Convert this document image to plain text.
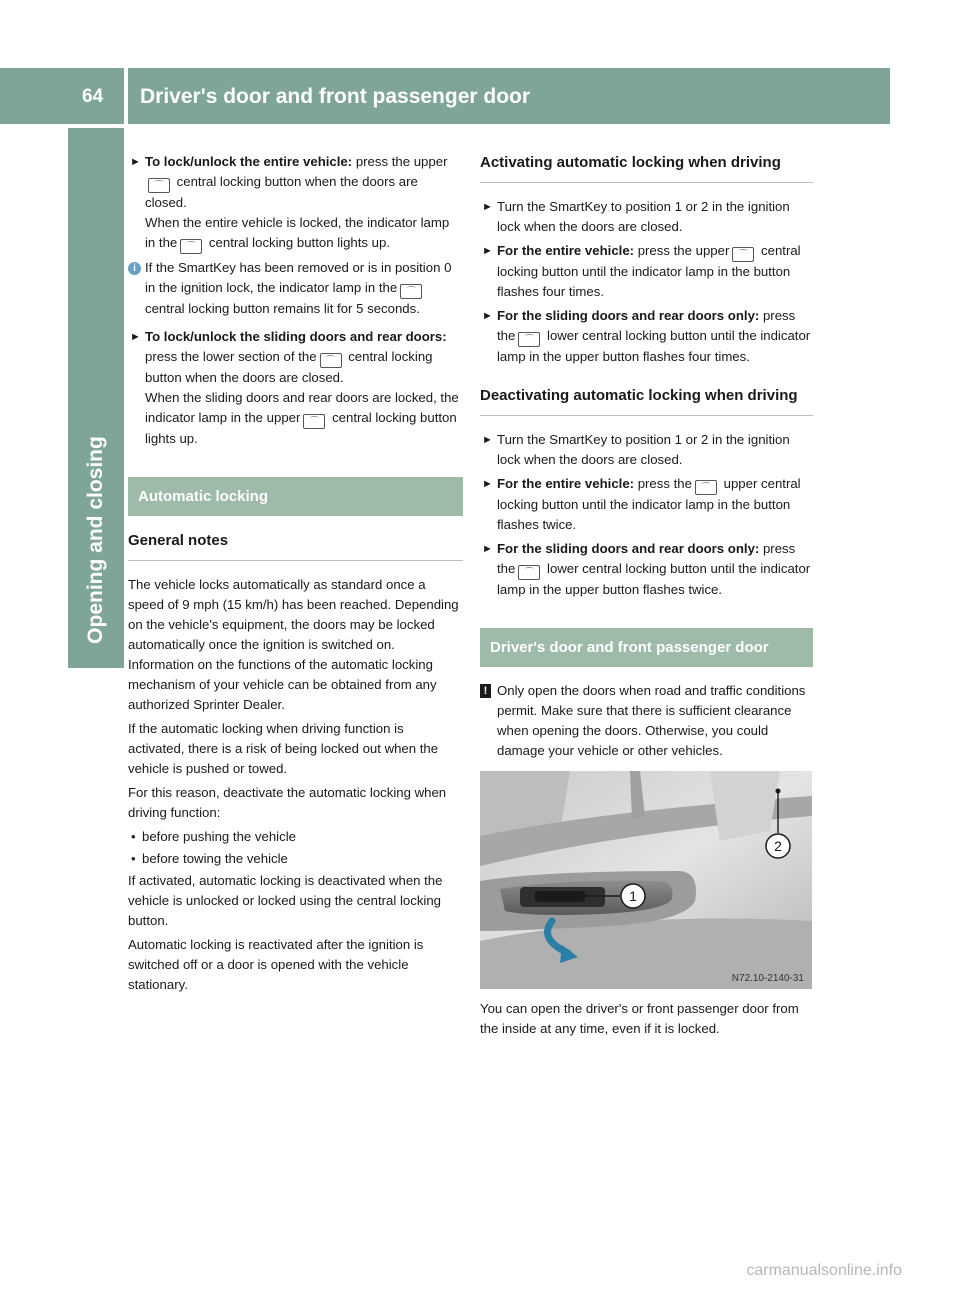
64 Driver's door and front passenger door
Opening and closing
► To lock/unlock the entire vehicle: press the upper⌒ central locking button when the doors are closed.
When the entire vehicle is locked, the indicator lamp in the ⌒ central locking button lights up.
i If the SmartKey has been removed or is in position 0 in the ignition lock, the indicator lamp in the ⌒ central locking button remains lit for 5 seconds.
► To lock/unlock the sliding doors and rear doors: press the lower section of the ⌒ central locking button when the doors are closed.
When the sliding doors and rear doors are locked, the indicator lamp in the upper ⌒ central locking button lights up.
Automatic locking
General notes

The vehicle locks automatically as standard once a speed of 9 mph (15 km/h) has been reached. Depending on the vehicle's equipment, the doors may be locked automatically once the ignition is switched on. Information on the functions of the automatic locking mechanism of your vehicle can be obtained from any authorized Sprinter Dealer.

If the automatic locking when driving function is activated, there is a risk of being locked out when the vehicle is pushed or towed.

For this reason, deactivate the automatic locking when driving function:

• before pushing the vehicle
• before towing the vehicle

If activated, automatic locking is deactivated when the vehicle is unlocked or locked using the central locking button.

Automatic locking is reactivated after the ignition is switched off or a door is opened with the vehicle stationary.

Activating automatic locking when driving
► Turn the SmartKey to position 1 or 2 in the ignition lock when the doors are closed.
► For the entire vehicle: press the upper ⌒ central locking button until the indicator lamp in the button flashes four times.
► For the sliding doors and rear doors only: press the ⌒ lower central locking button until the indicator lamp in the upper button flashes four times.
Deactivating automatic locking when driving
► Turn the SmartKey to position 1 or 2 in the ignition lock when the doors are closed.
► For the entire vehicle: press the ⌒ upper central locking button until the indicator lamp in the button flashes twice.
► For the sliding doors and rear doors only: press the ⌒ lower central locking button until the indicator lamp in the upper button flashes twice.
Driver's door and front passenger door
! Only open the doors when road and traffic conditions permit. Make sure that there is sufficient clearance when opening the doors. Otherwise, you could damage your vehicle or other vehicles.
2
1
N72.10-2140-31

You can open the driver's or front passenger door from the inside at any time, even if it is locked.

carmanualsonline.info
